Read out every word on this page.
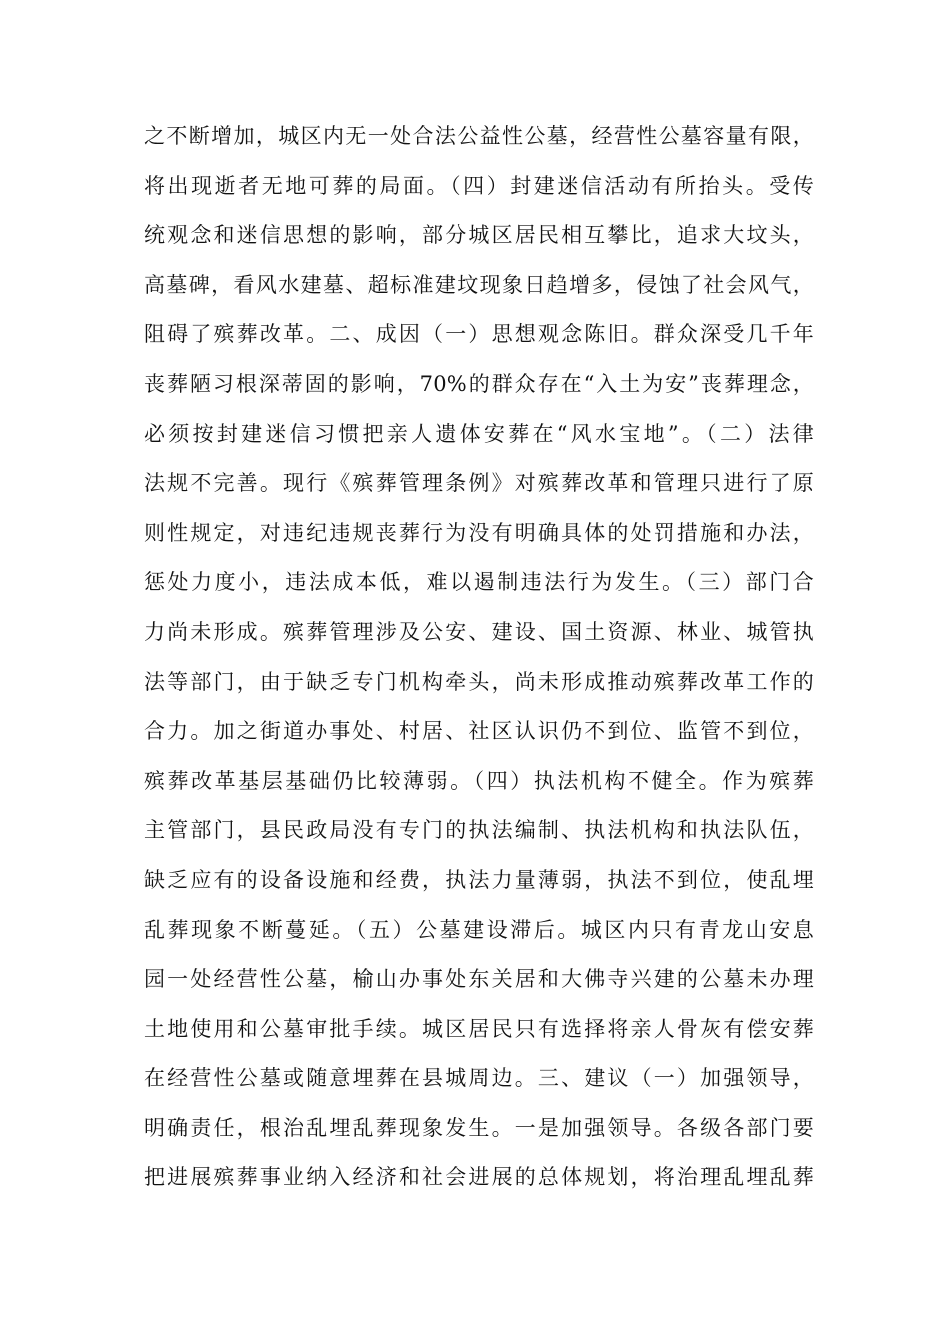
之不断增加，城区内无一处合法公益性公墓，经营性公墓容量有限，
将出现逝者无地可葬的局面。（四）封建迷信活动有所抬头。受传
统观念和迷信思想的影响，部分城区居民相互攀比，追求大坟头，
高墓碑，看风水建墓、超标准建坟现象日趋增多，侵蚀了社会风气，
阻碍了殡葬改革。二、成因（一）思想观念陈旧。群众深受几千年
丧葬陋习根深蒂固的影响，70%的群众存在“入土为安”丧葬理念，
必须按封建迷信习惯把亲人遗体安葬在“风水宝地”。（二）法律
法规不完善。现行《殡葬管理条例》对殡葬改革和管理只进行了原
则性规定，对违纪违规丧葬行为没有明确具体的处罚措施和办法，
惩处力度小，违法成本低，难以遏制违法行为发生。（三）部门合
力尚未形成。殡葬管理涉及公安、建设、国土资源、林业、城管执
法等部门，由于缺乏专门机构牵头，尚未形成推动殡葬改革工作的
合力。加之街道办事处、村居、社区认识仍不到位、监管不到位，
殡葬改革基层基础仍比较薄弱。（四）执法机构不健全。作为殡葬
主管部门，县民政局没有专门的执法编制、执法机构和执法队伍，
缺乏应有的设备设施和经费，执法力量薄弱，执法不到位，使乱埋
乱葬现象不断蔓延。（五）公墓建设滞后。城区内只有青龙山安息
园一处经营性公墓，榆山办事处东关居和大佛寺兴建的公墓未办理
土地使用和公墓审批手续。城区居民只有选择将亲人骨灰有偿安葬
在经营性公墓或随意埋葬在县城周边。三、建议（一）加强领导，
明确责任，根治乱埋乱葬现象发生。一是加强领导。各级各部门要
把进展殡葬事业纳入经济和社会进展的总体规划，将治理乱埋乱葬
